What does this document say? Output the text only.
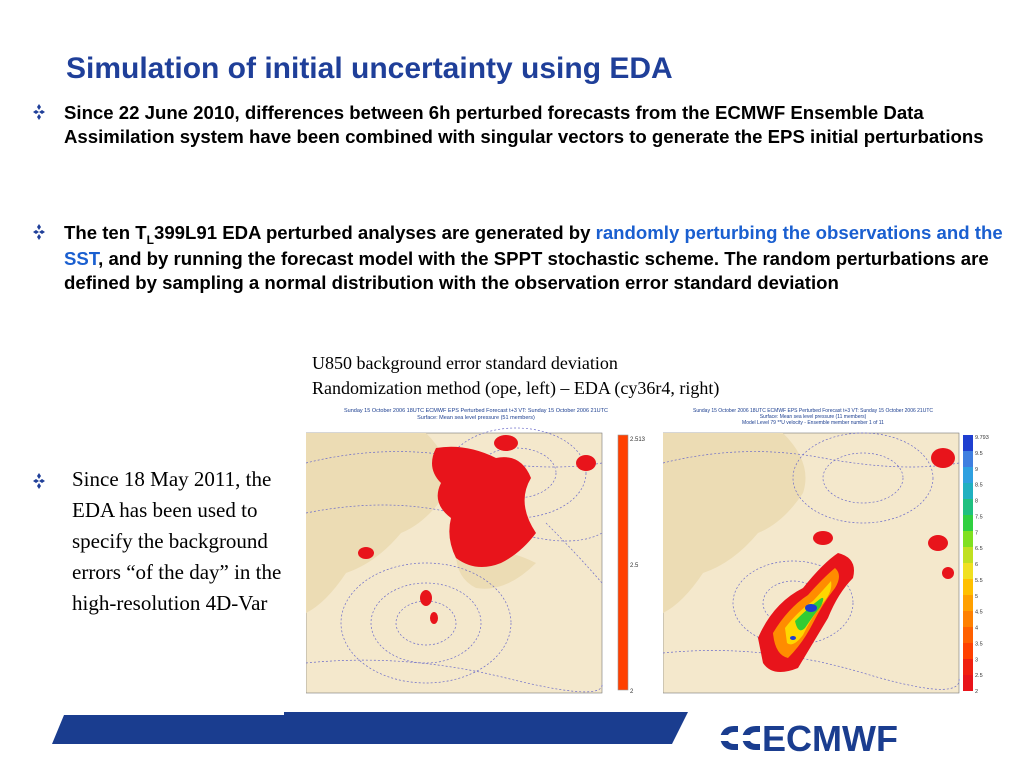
Simulation of initial uncertainty using EDA
Since 22 June 2010, differences between 6h perturbed forecasts from the ECMWF Ensemble Data Assimilation system have been combined with singular vectors to generate the EPS initial perturbations
The ten $T_L399L91$ EDA perturbed analyses are generated by randomly perturbing the observations and the SST, and by running the forecast model with the SPPT stochastic scheme. The random perturbations are defined by sampling a normal distribution with the observation error standard deviation
U850 background error standard deviation
Randomization method (ope, left) – EDA (cy36r4, right)
Since 18 May 2011, the EDA has been used to specify the background errors “of the day” in the high-resolution 4D-Var
Sunday 15 October 2006 18UTC ECMWF EPS Perturbed Forecast t+3 VT: Sunday 15 October 2006 21UTC
Surface: Mean sea level pressure (51 members)
2.513
2.5
2
Sunday 15 October 2006 18UTC ECMWF EPS Perturbed Forecast t+3 VT: Sunday 15 October 2006 21UTC
Surface: Mean sea level pressure (11 members)
Model Level 79 **U velocity - Ensemble member number 1 of 11
9.793
9.5
9
8.5
8
7.5
7
6.5
6
5.5
5
4.5
4
3.5
3
2.5
2
ECMWF
